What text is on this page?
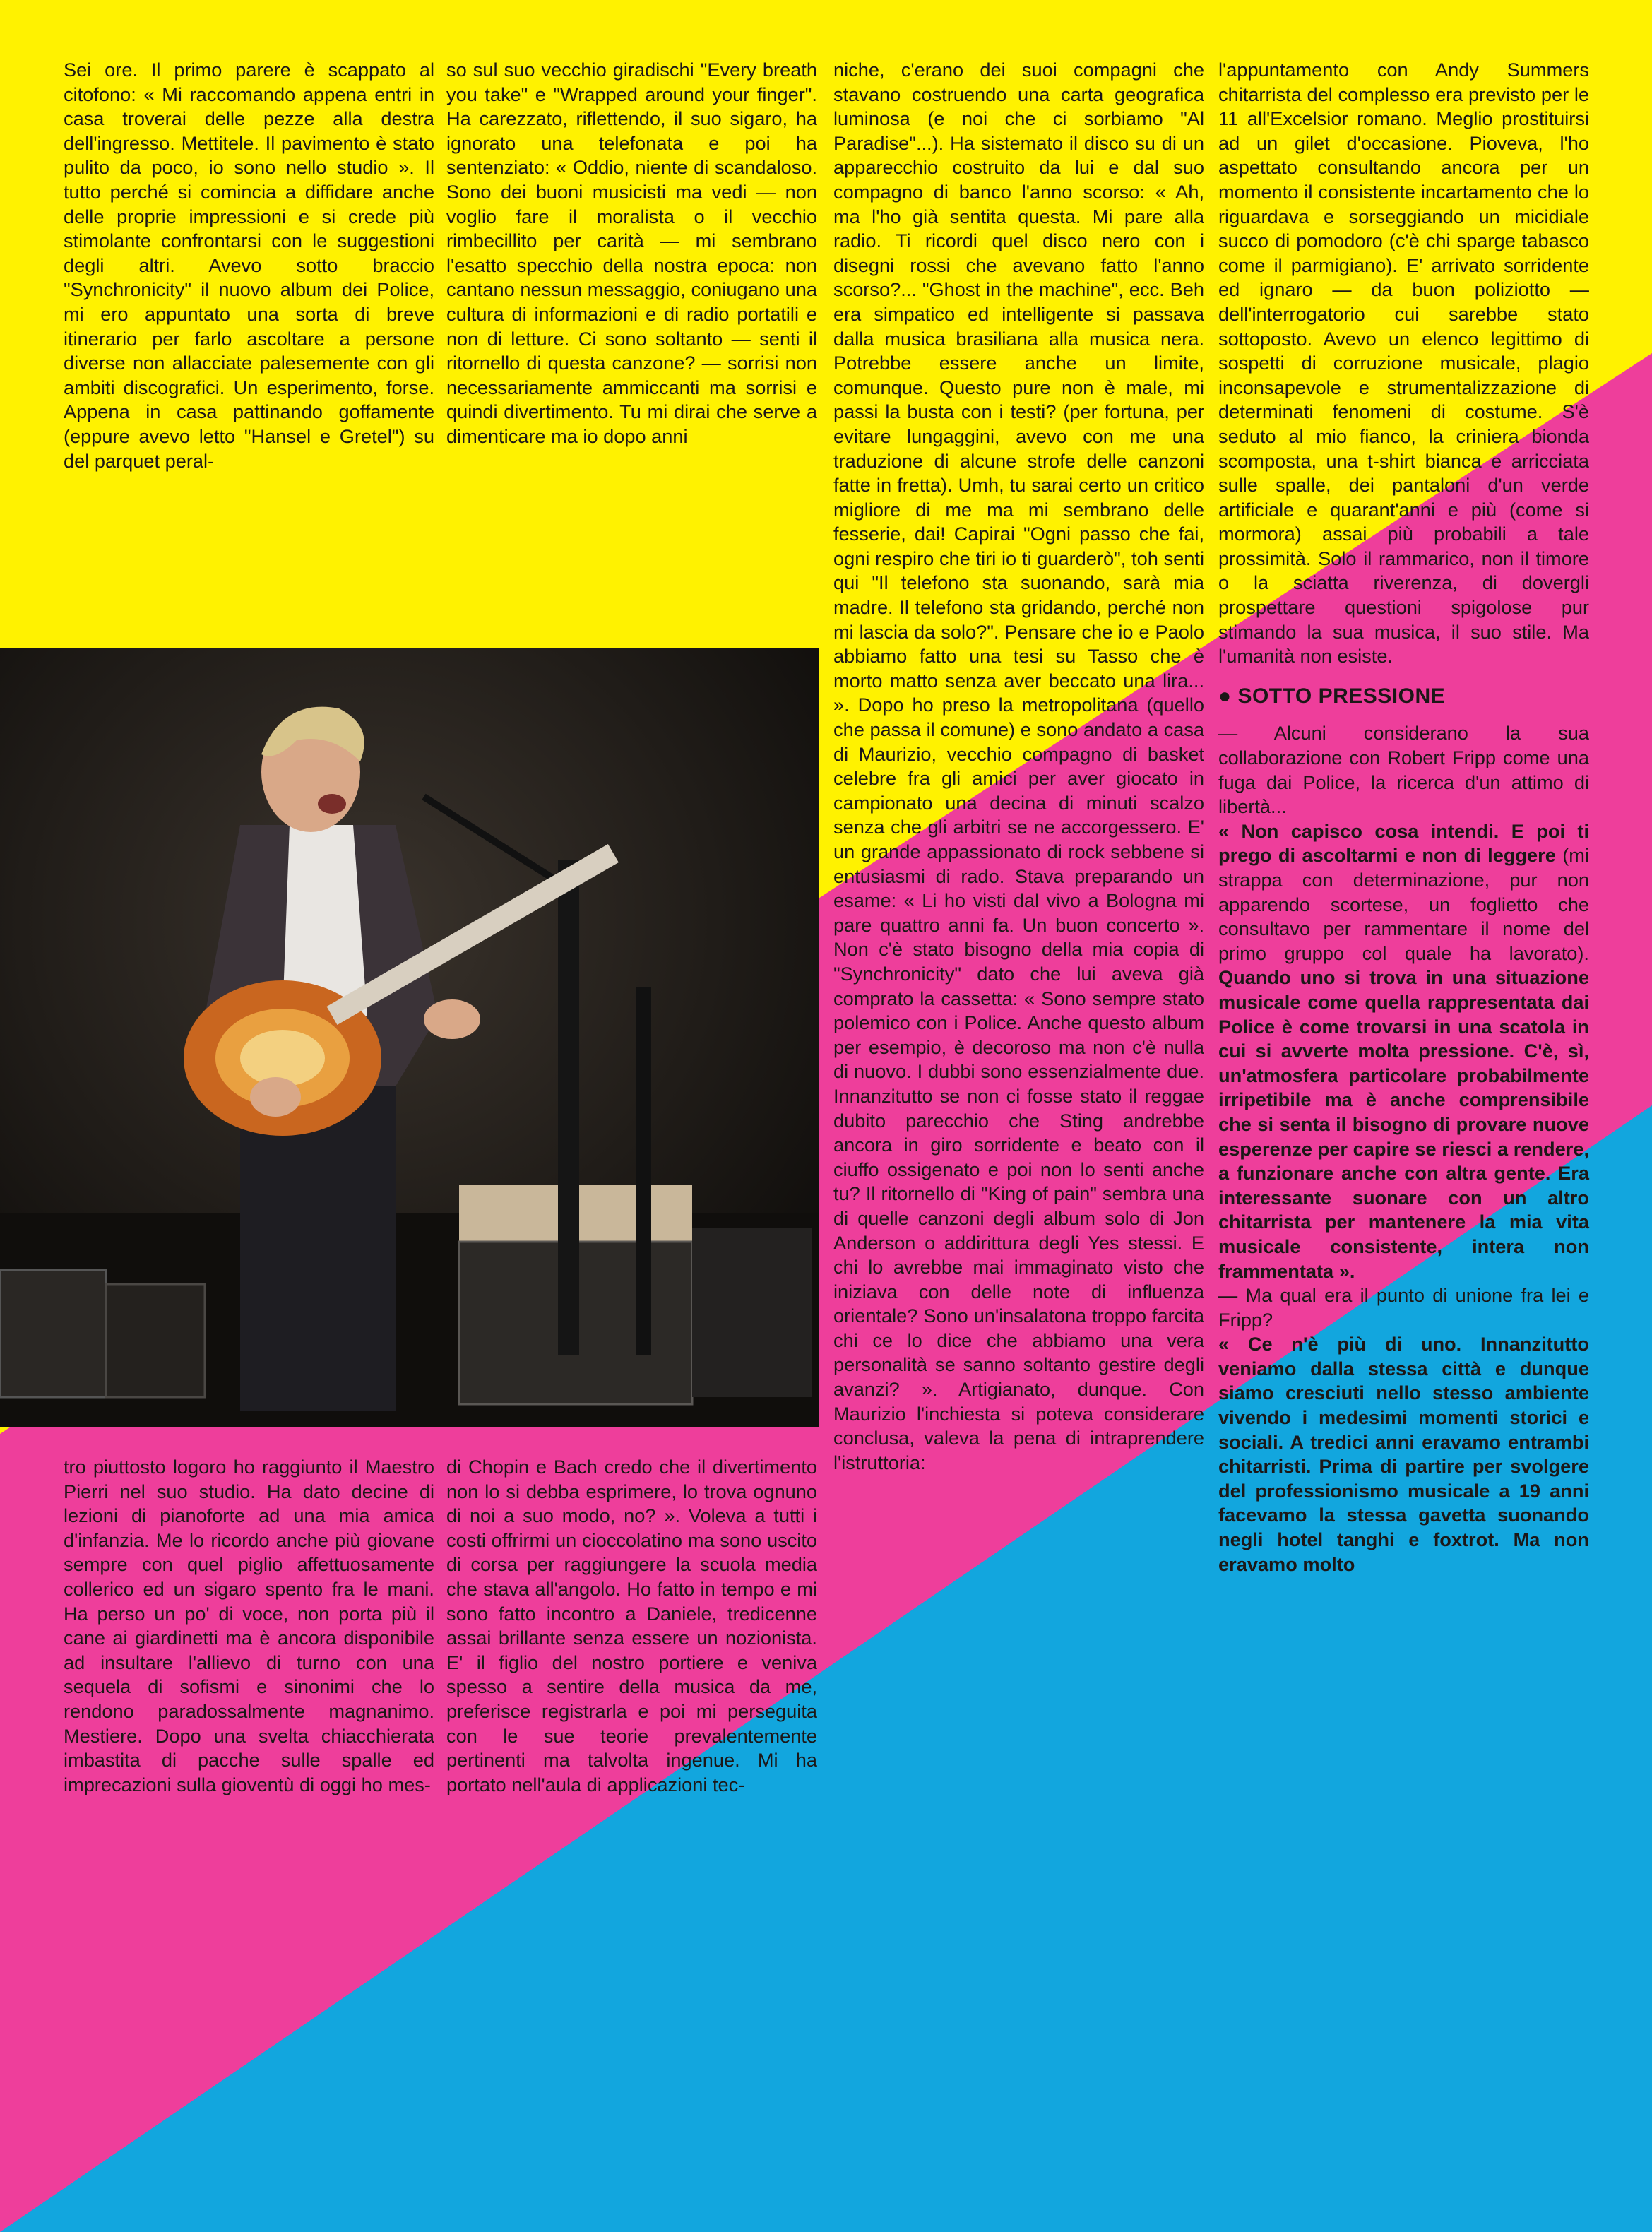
Sei ore. Il primo parere è scappato al citofono: « Mi raccomando appena entri in casa troverai delle pezze alla destra dell'ingresso. Mettitele. Il pavimento è stato pulito da poco, io sono nello studio ». Il tutto perché si comincia a diffidare anche delle proprie impressioni e si crede più stimolante confrontarsi con le suggestioni degli altri. Avevo sotto braccio "Synchronicity" il nuovo album dei Police, mi ero appuntato una sorta di breve itinerario per farlo ascoltare a persone diverse non allacciate palesemente con gli ambiti discografici. Un esperimento, forse. Appena in casa pattinando goffamente (eppure avevo letto "Hansel e Gretel") su del parquet peral-

so sul suo vecchio giradischi "Every breath you take" e "Wrapped around your finger". Ha carezzato, riflettendo, il suo sigaro, ha ignorato una telefonata e poi ha sentenziato: « Oddio, niente di scandaloso. Sono dei buoni musicisti ma vedi — non voglio fare il moralista o il vecchio rimbecillito per carità — mi sembrano l'esatto specchio della nostra epoca: non cantano nessun messaggio, coniugano una cultura di informazioni e di radio portatili e non di letture. Ci sono soltanto — senti il ritornello di questa canzone? — sorrisi non necessariamente ammiccanti ma sorrisi e quindi divertimento. Tu mi dirai che serve a dimenticare ma io dopo anni

niche, c'erano dei suoi compagni che stavano costruendo una carta geografica luminosa (e noi che ci sorbiamo "Al Paradise"...). Ha sistemato il disco su di un apparecchio costruito da lui e dal suo compagno di banco l'anno scorso: « Ah, ma l'ho già sentita questa. Mi pare alla radio. Ti ricordi quel disco nero con i disegni rossi che avevano fatto l'anno scorso?... "Ghost in the machine", ecc. Beh era simpatico ed intelligente si passava dalla musica brasiliana alla musica nera. Potrebbe essere anche un limite, comunque. Questo pure non è male, mi passi la busta con i testi? (per fortuna, per evitare lungaggini, avevo con me una traduzione di alcune strofe delle canzoni fatte in fretta). Umh, tu sarai certo un critico migliore di me ma mi sembrano delle fesserie, dai! Capirai "Ogni passo che fai, ogni respiro che tiri io ti guarderò", toh senti qui "Il telefono sta suonando, sarà mia madre. Il telefono sta gridando, perché non mi lascia da solo?". Pensare che io e Paolo abbiamo fatto una tesi su Tasso che è morto matto senza aver beccato una lira... ». Dopo ho preso la metropolitana (quello che passa il comune) e sono andato a casa di Maurizio, vecchio compagno di basket celebre fra gli amici per aver giocato in campionato una decina di minuti scalzo senza che gli arbitri se ne accorgessero. E' un grande appassionato di rock sebbene si entusiasmi di rado. Stava preparando un esame: « Li ho visti dal vivo a Bologna mi pare quattro anni fa. Un buon concerto ». Non c'è stato bisogno della mia copia di "Synchronicity" dato che lui aveva già comprato la cassetta: « Sono sempre stato polemico con i Police. Anche questo album per esempio, è decoroso ma non c'è nulla di nuovo. I dubbi sono essenzialmente due. Innanzitutto se non ci fosse stato il reggae dubito parecchio che Sting andrebbe ancora in giro sorridente e beato con il ciuffo ossigenato e poi non lo senti anche tu? Il ritornello di "King of pain" sembra una di quelle canzoni degli album solo di Jon Anderson o addirittura degli Yes stessi. E chi lo avrebbe mai immaginato visto che iniziava con delle note di influenza orientale? Sono un'insalatona troppo farcita chi ce lo dice che abbiamo una vera personalità se sanno soltanto gestire degli avanzi? ». Artigianato, dunque. Con Maurizio l'inchiesta si poteva considerare conclusa, valeva la pena di intraprendere l'istruttoria:

l'appuntamento con Andy Summers chitarrista del complesso era previsto per le 11 all'Excelsior romano. Meglio prostituirsi ad un gilet d'occasione. Pioveva, l'ho aspettato consultando ancora per un momento il consistente incartamento che lo riguardava e sorseggiando un micidiale succo di pomodoro (c'è chi sparge tabasco come il parmigiano). E' arrivato sorridente ed ignaro — da buon poliziotto — dell'interrogatorio cui sarebbe stato sottoposto. Avevo un elenco legittimo di sospetti di corruzione musicale, plagio inconsapevole e strumentalizzazione di determinati fenomeni di costume. S'è seduto al mio fianco, la criniera bionda scomposta, una t-shirt bianca e arricciata sulle spalle, dei pantaloni d'un verde artificiale e quarant'anni e più (come si mormora) assai più probabili a tale prossimità. Solo il rammarico, non il timore o la sciatta riverenza, di dovergli prospettare questioni spigolose pur stimando la sua musica, il suo stile. Ma l'umanità non esiste.

● SOTTO PRESSIONE

— Alcuni considerano la sua collaborazione con Robert Fripp come una fuga dai Police, la ricerca d'un attimo di libertà...

« Non capisco cosa intendi. E poi ti prego di ascoltarmi e non di leggere (mi strappa con determinazione, pur non apparendo scortese, un foglietto che consultavo per rammentare il nome del primo gruppo col quale ha lavorato). Quando uno si trova in una situazione musicale come quella rappresentata dai Police è come trovarsi in una scatola in cui si avverte molta pressione. C'è, sì, un'atmosfera particolare probabilmente irripetibile ma è anche comprensibile che si senta il bisogno di provare nuove esperenze per capire se riesci a rendere, a funzionare anche con altra gente. Era interessante suonare con un altro chitarrista per mantenere la mia vita musicale consistente, intera non frammentata ».

— Ma qual era il punto di unione fra lei e Fripp?

« Ce n'è più di uno. Innanzitutto veniamo dalla stessa città e dunque siamo cresciuti nello stesso ambiente vivendo i medesimi momenti storici e sociali. A tredici anni eravamo entrambi chitarristi. Prima di partire per svolgere del professionismo musicale a 19 anni facevamo la stessa gavetta suonando negli hotel tanghi e foxtrot. Ma non eravamo molto

tro piuttosto logoro ho raggiunto il Maestro Pierri nel suo studio. Ha dato decine di lezioni di pianoforte ad una mia amica d'infanzia. Me lo ricordo anche più giovane sempre con quel piglio affettuosamente collerico ed un sigaro spento fra le mani. Ha perso un po' di voce, non porta più il cane ai giardinetti ma è ancora disponibile ad insultare l'allievo di turno con una sequela di sofismi e sinonimi che lo rendono paradossalmente magnanimo. Mestiere. Dopo una svelta chiacchierata imbastita di pacche sulle spalle ed imprecazioni sulla gioventù di oggi ho mes-

di Chopin e Bach credo che il divertimento non lo si debba esprimere, lo trova ognuno di noi a suo modo, no? ». Voleva a tutti i costi offrirmi un cioccolatino ma sono uscito di corsa per raggiungere la scuola media che stava all'angolo. Ho fatto in tempo e mi sono fatto incontro a Daniele, tredicenne assai brillante senza essere un nozionista. E' il figlio del nostro portiere e veniva spesso a sentire della musica da me, preferisce registrarla e poi mi perseguita con le sue teorie prevalentemente pertinenti ma talvolta ingenue. Mi ha portato nell'aula di applicazioni tec-
